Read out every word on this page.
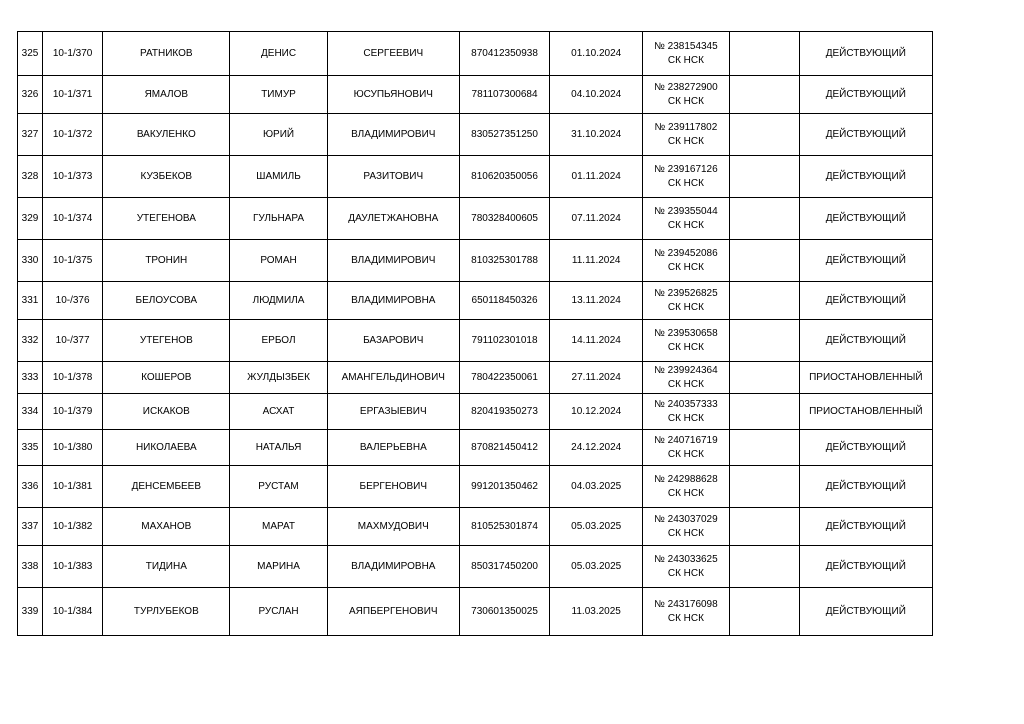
325	10-1/370	РАТНИКОВ	ДЕНИС	СЕРГЕЕВИЧ	870412350938	01.10.2024	№ 238154345
СК НСК		ДЕЙСТВУЮЩИЙ
326	10-1/371	ЯМАЛОВ	ТИМУР	ЮСУПЬЯНОВИЧ	781107300684	04.10.2024	№ 238272900
СК НСК		ДЕЙСТВУЮЩИЙ
327	10-1/372	ВАКУЛЕНКО	ЮРИЙ	ВЛАДИМИРОВИЧ	830527351250	31.10.2024	№ 239117802
СК НСК		ДЕЙСТВУЮЩИЙ
328	10-1/373	КУЗБЕКОВ	ШАМИЛЬ	РАЗИТОВИЧ	810620350056	01.11.2024	№ 239167126
СК НСК		ДЕЙСТВУЮЩИЙ
329	10-1/374	УТЕГЕНОВА	ГУЛЬНАРА	ДАУЛЕТЖАНОВНА	780328400605	07.11.2024	№ 239355044
СК НСК		ДЕЙСТВУЮЩИЙ
330	10-1/375	ТРОНИН	РОМАН	ВЛАДИМИРОВИЧ	810325301788	11.11.2024	№ 239452086
СК НСК		ДЕЙСТВУЮЩИЙ
331	10-/376	БЕЛОУСОВА	ЛЮДМИЛА	ВЛАДИМИРОВНА	650118450326	13.11.2024	№ 239526825
СК НСК		ДЕЙСТВУЮЩИЙ
332	10-/377	УТЕГЕНОВ	ЕРБОЛ	БАЗАРОВИЧ	791102301018	14.11.2024	№ 239530658
СК НСК		ДЕЙСТВУЮЩИЙ
333	10-1/378	КОШЕРОВ	ЖУЛДЫЗБЕК	АМАНГЕЛЬДИНОВИЧ	780422350061	27.11.2024	№ 239924364
СК НСК		ПРИОСТАНОВЛЕННЫЙ
334	10-1/379	ИСКАКОВ	АСХАТ	ЕРГАЗЫЕВИЧ	820419350273	10.12.2024	№ 240357333
СК НСК		ПРИОСТАНОВЛЕННЫЙ
335	10-1/380	НИКОЛАЕВА	НАТАЛЬЯ	ВАЛЕРЬЕВНА	870821450412	24.12.2024	№ 240716719
СК НСК		ДЕЙСТВУЮЩИЙ
336	10-1/381	ДЕНСЕМБЕЕВ	РУСТАМ	БЕРГЕНОВИЧ	991201350462	04.03.2025	№ 242988628
СК НСК		ДЕЙСТВУЮЩИЙ
337	10-1/382	МАХАНОВ	МАРАТ	МАХМУДОВИЧ	810525301874	05.03.2025	№ 243037029
СК НСК		ДЕЙСТВУЮЩИЙ
338	10-1/383	ТИДИНА	МАРИНА	ВЛАДИМИРОВНА	850317450200	05.03.2025	№ 243033625
СК НСК		ДЕЙСТВУЮЩИЙ
339	10-1/384	ТУРЛУБЕКОВ	РУСЛАН	АЯПБЕРГЕНОВИЧ	730601350025	11.03.2025	№ 243176098
СК НСК		ДЕЙСТВУЮЩИЙ
